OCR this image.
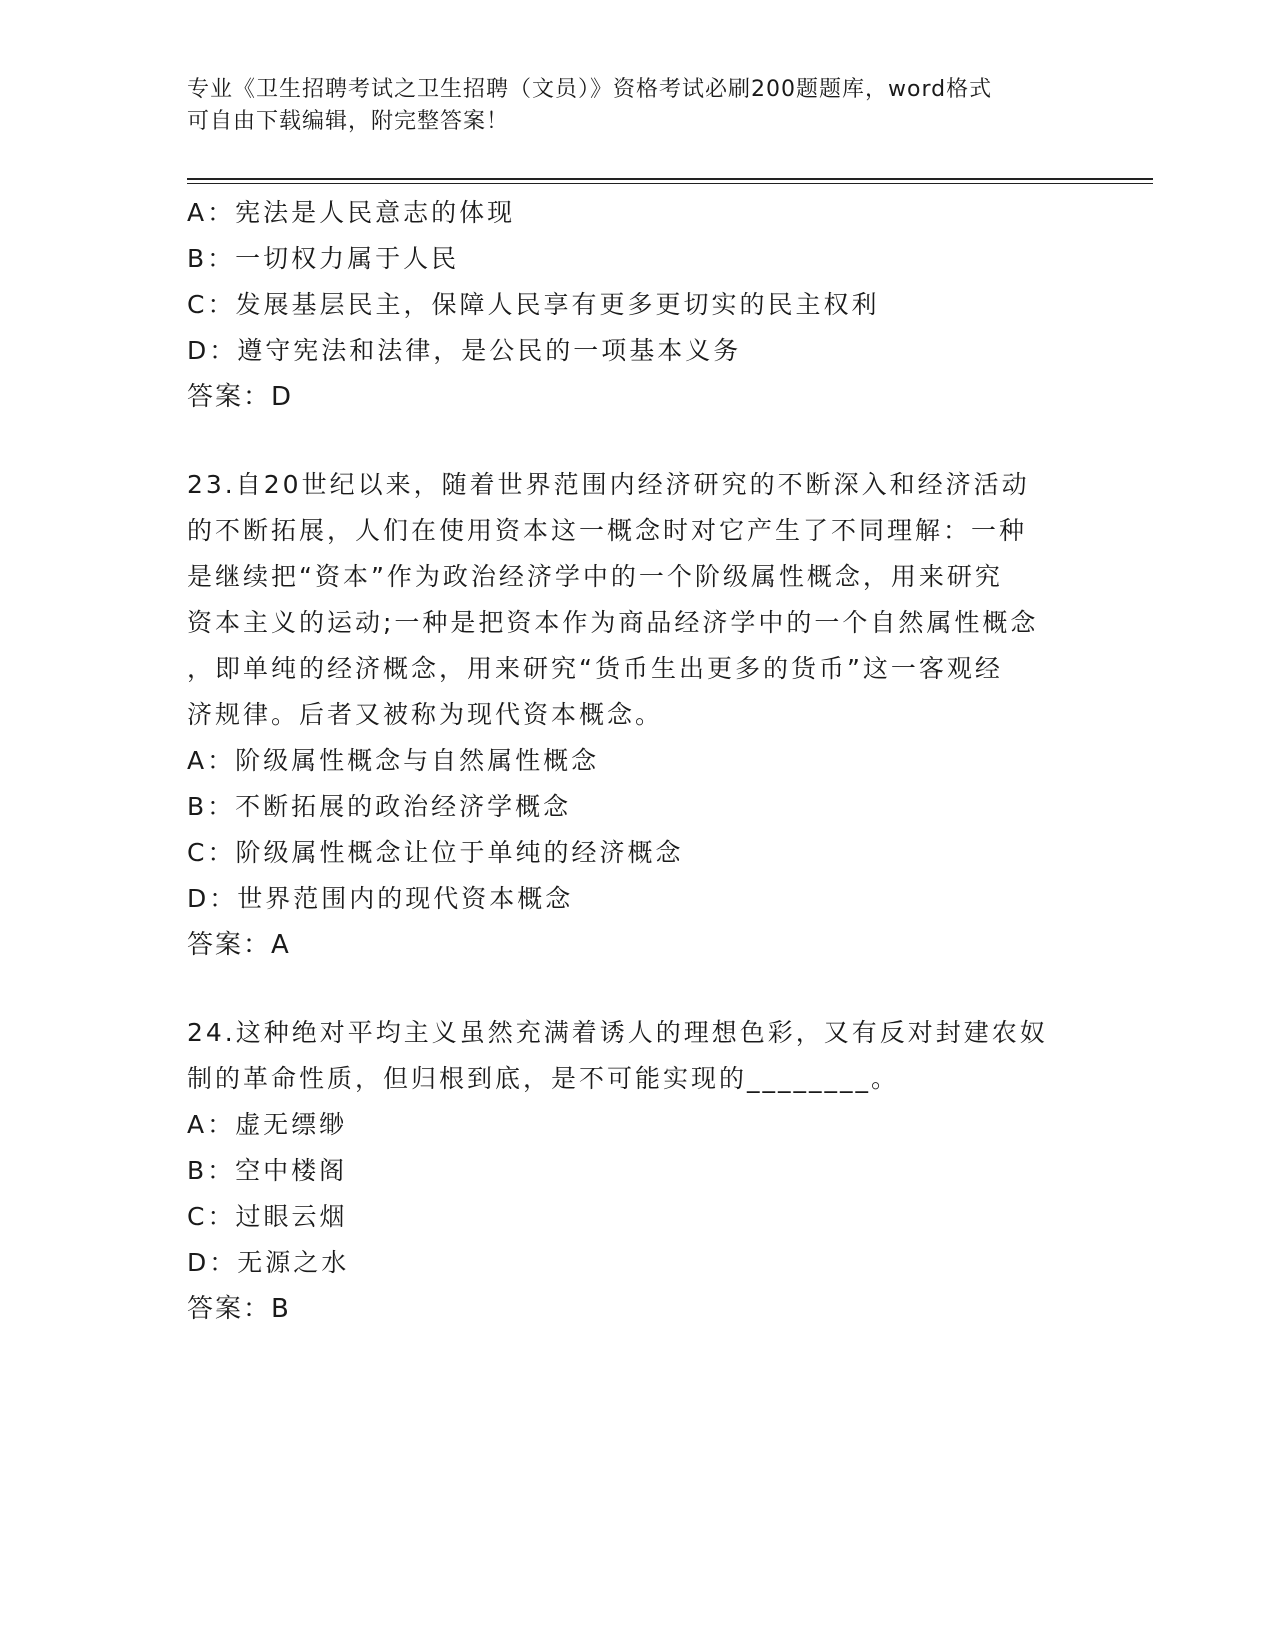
专业《卫生招聘考试之卫生招聘（文员）》资格考试必刷200题题库，word格式
可自由下载编辑，附完整答案！
A：宪法是人民意志的体现
B：一切权力属于人民
C：发展基层民主，保障人民享有更多更切实的民主权利
D：遵守宪法和法律，是公民的一项基本义务
答案：D
23.自20世纪以来，随着世界范围内经济研究的不断深入和经济活动
的不断拓展，人们在使用资本这一概念时对它产生了不同理解：一种
是继续把“资本”作为政治经济学中的一个阶级属性概念，用来研究
资本主义的运动;一种是把资本作为商品经济学中的一个自然属性概念
，即单纯的经济概念，用来研究“货币生出更多的货币”这一客观经
济规律。后者又被称为现代资本概念。
A：阶级属性概念与自然属性概念
B：不断拓展的政治经济学概念
C：阶级属性概念让位于单纯的经济概念
D：世界范围内的现代资本概念
答案：A
24.这种绝对平均主义虽然充满着诱人的理想色彩，又有反对封建农奴
制的革命性质，但归根到底，是不可能实现的________。
A：虚无缥缈
B：空中楼阁
C：过眼云烟
D：无源之水
答案：B
